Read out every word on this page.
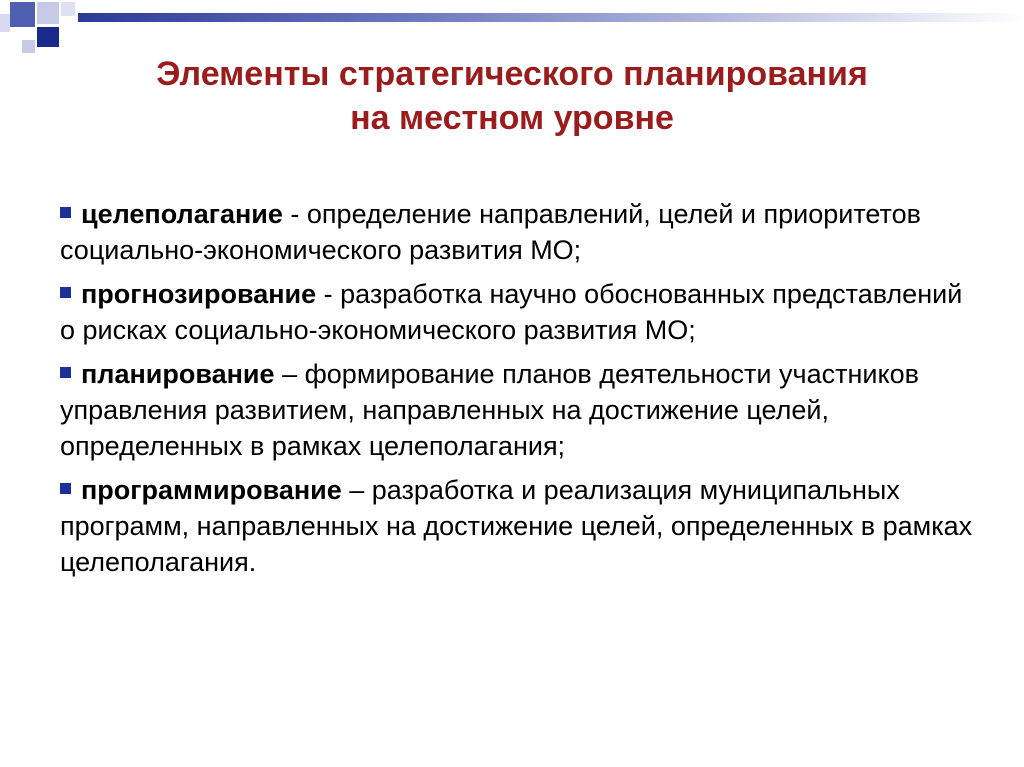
Элементы стратегического планирования
на местном уровне
целеполагание - определение направлений, целей и приоритетов социально-экономического развития МО;
прогнозирование - разработка научно обоснованных представлений о рисках социально-экономического развития МО;
планирование – формирование планов деятельности участников управления развитием, направленных на достижение целей, определенных в рамках целеполагания;
программирование – разработка и реализация муниципальных программ, направленных на достижение целей, определенных в рамках целеполагания.
